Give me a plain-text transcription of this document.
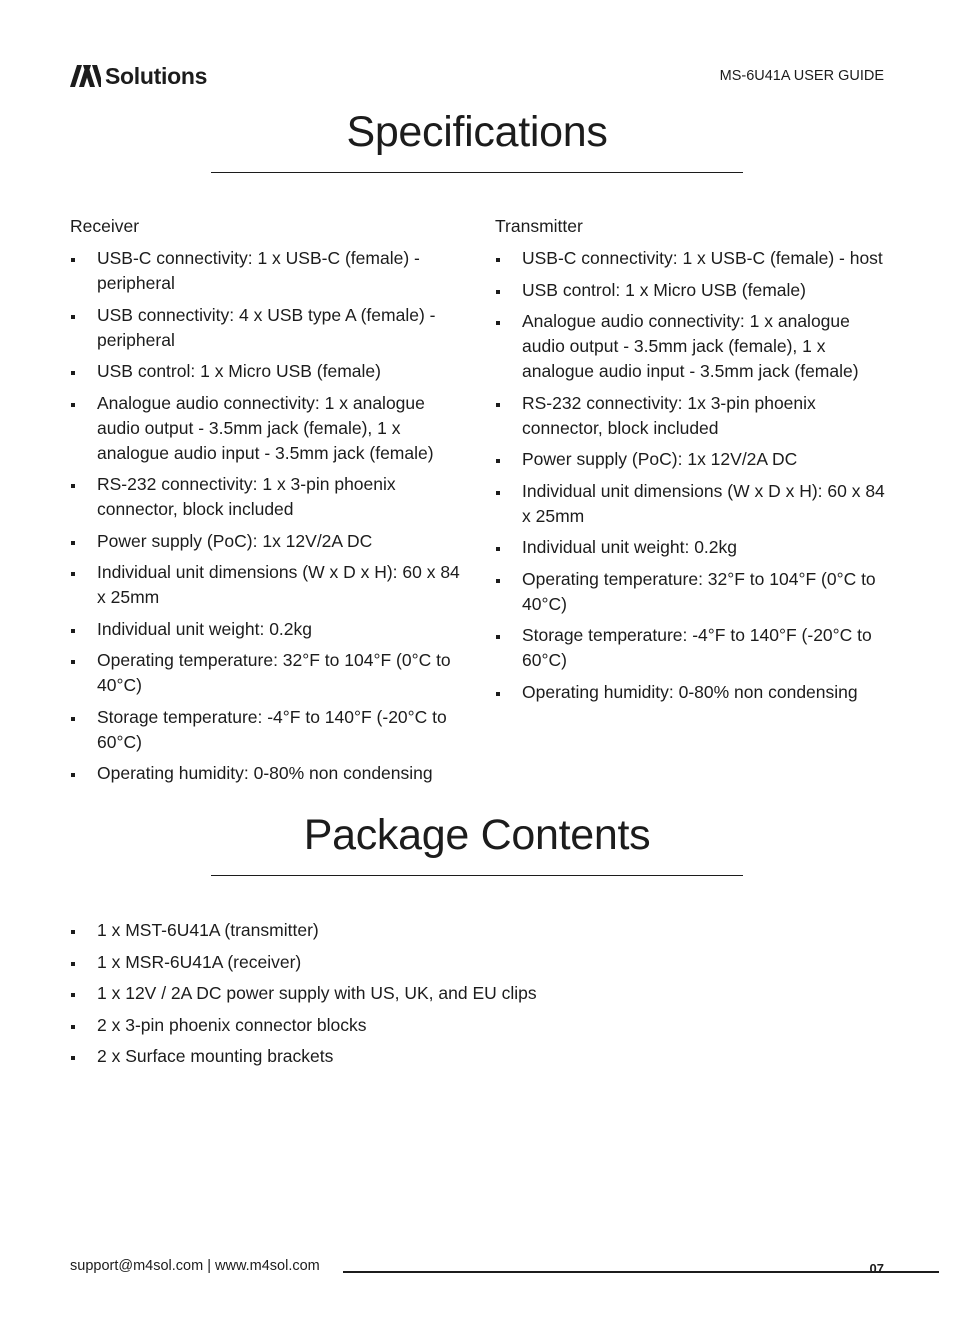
Solutions	MS-6U41A USER GUIDE
Specifications
Receiver
USB-C connectivity: 1 x USB-C (female) - peripheral
USB connectivity: 4 x USB type A (female) - peripheral
USB control: 1 x Micro USB (female)
Analogue audio connectivity: 1 x analogue audio output - 3.5mm jack (female), 1 x analogue audio input - 3.5mm jack (female)
RS-232 connectivity: 1 x 3-pin phoenix connector, block included
Power supply (PoC): 1x 12V/2A DC
Individual unit dimensions (W x D x H): 60 x 84 x 25mm
Individual unit weight: 0.2kg
Operating temperature: 32°F to 104°F (0°C to 40°C)
Storage temperature: -4°F to 140°F (-20°C to 60°C)
Operating humidity: 0-80% non condensing
Transmitter
USB-C connectivity: 1 x USB-C (female) - host
USB control: 1 x Micro USB (female)
Analogue audio connectivity: 1 x analogue audio output - 3.5mm jack (female), 1 x analogue audio input - 3.5mm jack (female)
RS-232 connectivity: 1x 3-pin phoenix connector, block included
Power supply (PoC): 1x 12V/2A DC
Individual unit dimensions (W x D x H): 60 x 84 x 25mm
Individual unit weight: 0.2kg
Operating temperature: 32°F to 104°F (0°C to 40°C)
Storage temperature: -4°F to 140°F (-20°C to 60°C)
Operating humidity: 0-80% non condensing
Package Contents
1 x MST-6U41A (transmitter)
1 x MSR-6U41A (receiver)
1 x 12V / 2A DC power supply with US, UK, and EU clips
2 x 3-pin phoenix connector blocks
2 x Surface mounting brackets
support@m4sol.com | www.m4sol.com	07
